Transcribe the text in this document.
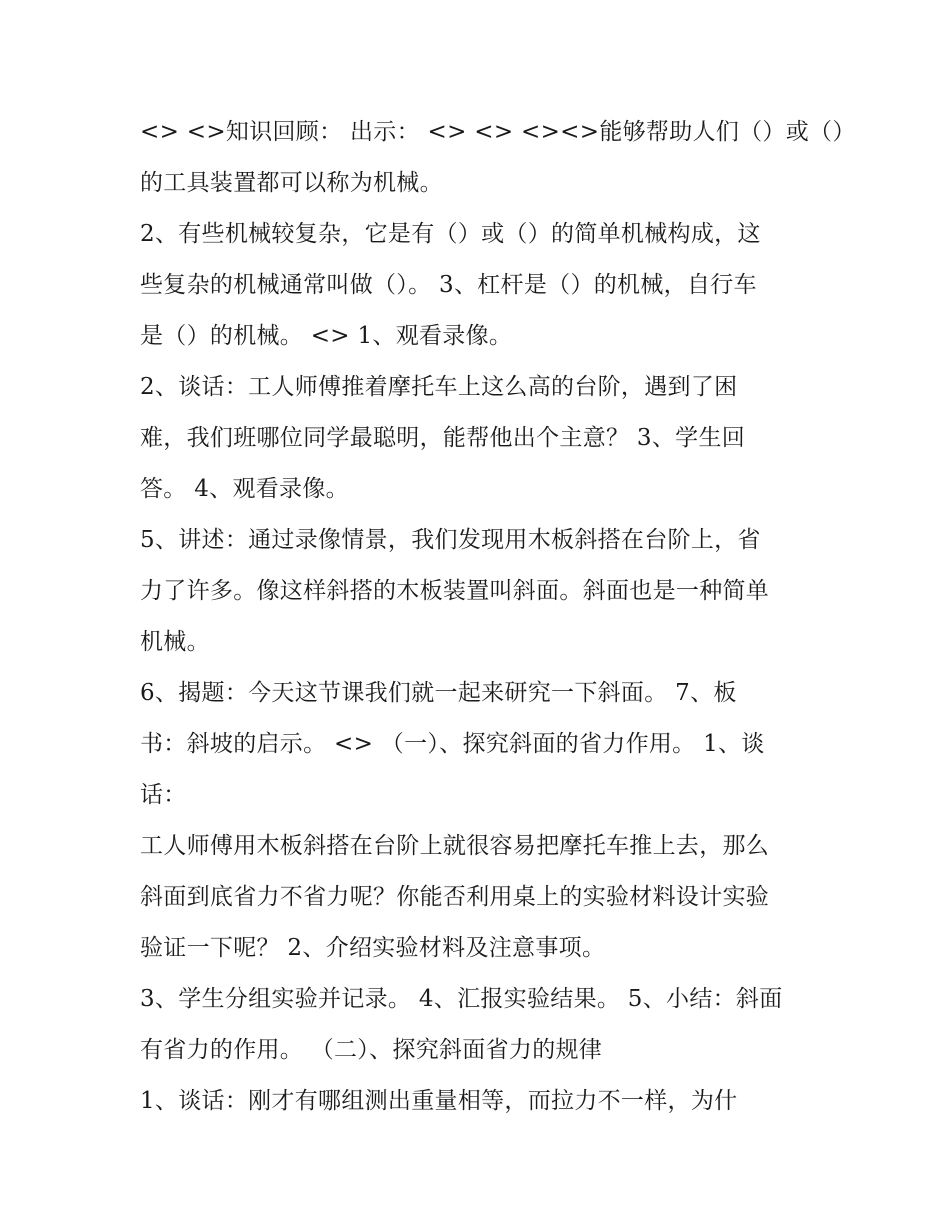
<> <>知识回顾： 出示： <> <> <><>能够帮助人们（）或（）
的工具装置都可以称为机械。
2、有些机械较复杂，它是有（）或（）的简单机械构成，这
些复杂的机械通常叫做（）。 3、杠杆是（）的机械，自行车
是（）的机械。 <> 1、观看录像。
2、谈话：工人师傅推着摩托车上这么高的台阶，遇到了困
难，我们班哪位同学最聪明，能帮他出个主意？ 3、学生回
答。 4、观看录像。
5、讲述：通过录像情景，我们发现用木板斜搭在台阶上，省
力了许多。像这样斜搭的木板装置叫斜面。斜面也是一种简单
机械。
6、揭题：今天这节课我们就一起来研究一下斜面。 7、板
书：斜坡的启示。 <> （一）、探究斜面的省力作用。 1、谈
话：
工人师傅用木板斜搭在台阶上就很容易把摩托车推上去，那么
斜面到底省力不省力呢？你能否利用桌上的实验材料设计实验
验证一下呢？ 2、介绍实验材料及注意事项。
3、学生分组实验并记录。 4、汇报实验结果。 5、小结：斜面
有省力的作用。 （二）、探究斜面省力的规律
1、谈话：刚才有哪组测出重量相等，而拉力不一样，为什
